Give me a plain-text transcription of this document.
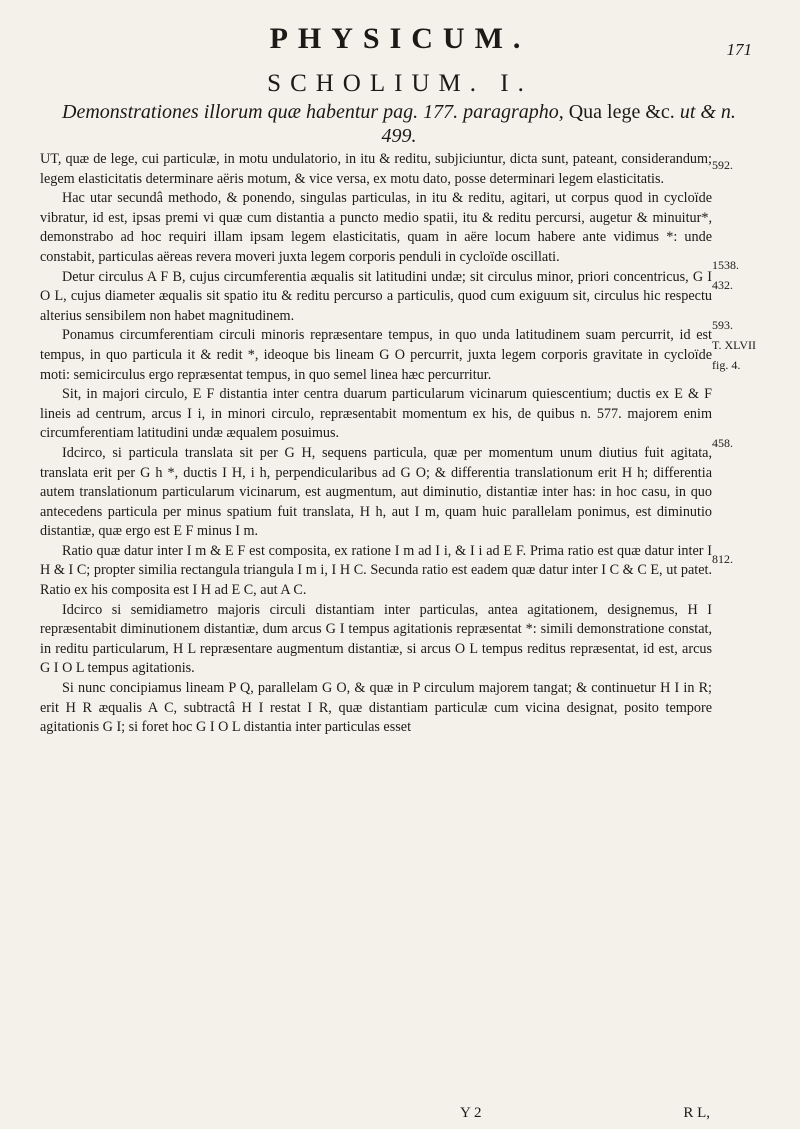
PHYSICUM.	171
SCHOLIUM. I.
Demonstrationes illorum quæ habentur pag. 177. paragrapho, Qua lege &c. ut & n. 499.

UT, quæ de lege, cui particulæ, in motu undulatorio, in itu & reditu, subjiciuntur, dicta sunt, pateant, considerandum; legem elasticitatis determinare aëris motum, & vice versa, ex motu dato, posse determinari legem elasticitatis.

Hac utar secundâ methodo, & ponendo, singulas particulas, in itu & reditu, agitari, ut corpus quod in cycloïde vibratur, id est, ipsas premi vi quæ cum distantia a puncto medio spatii, itu & reditu percursi, augetur & minuitur*, demonstrabo ad hoc requiri illam ipsam legem elasticitatis, quam in aëre locum habere ante vidimus *: unde constabit, particulas aëreas revera moveri juxta legem corporis penduli in cycloïde oscillati.

Detur circulus A F B, cujus circumferentia æqualis sit latitudini undæ; sit circulus minor, priori concentricus, G I O L, cujus diameter æqualis sit spatio itu & reditu percurso a particulis, quod cum exiguum sit, circulus hic respectu alterius sensibilem non habet magnitudinem.

Ponamus circumferentiam circuli minoris repræsentare tempus, in quo unda latitudinem suam percurrit, id est tempus, in quo particula it & redit *, ideoque bis lineam G O percurrit, juxta legem corporis gravitate in cycloïde moti: semicirculus ergo repræsentat tempus, in quo semel linea hæc percurritur.

Sit, in majori circulo, E F distantia inter centra duarum particularum vicinarum quiescentium; ductis ex E & F lineis ad centrum, arcus I i, in minori circulo, repræsentabit momentum ex his, de quibus n. 577. majorem enim circumferentiam latitudini undæ æqualem posuimus.

Idcirco, si particula translata sit per G H, sequens particula, quæ per momentum unum diutius fuit agitata, translata erit per G h *, ductis I H, i h, perpendicularibus ad G O; & differentia translationum erit H h; differentia autem translationum particularum vicinarum, est augmentum, aut diminutio, distantiæ inter has: in hoc casu, in quo antecedens particula per minus spatium fuit translata, H h, aut I m, quam huic parallelam ponimus, est diminutio distantiæ, quæ ergo est E F minus I m.

Ratio quæ datur inter I m & E F est composita, ex ratione I m ad I i, & I i ad E F. Prima ratio est quæ datur inter I H & I C; propter similia rectangula triangula I m i, I H C. Secunda ratio est eadem quæ datur inter I C & C E, ut patet. Ratio ex his composita est I H ad E C, aut A C.

Idcirco si semidiametro majoris circuli distantiam inter particulas, antea agitationem, designemus, H I repræsentabit diminutionem distantiæ, dum arcus G I tempus agitationis repræsentat *: simili demonstratione constat, in reditu particularum, H L repræsentare augmentum distantiæ, si arcus O L tempus reditus repræsentat, id est, arcus G I O L tempus agitationis.

Si nunc concipiamus lineam P Q, parallelam G O, & quæ in P circulum majorem tangat; & continuetur H I in R; erit H R æqualis A C, subtractâ H I restat I R, quæ distantiam particulæ cum vicina designat, posito tempore agitationis G I; si foret hoc G I O L distantia inter particulas esset

592.
1538.
432.
593.
T. XLVII
fig. 4.
458.
812.
Y 2	R L,
